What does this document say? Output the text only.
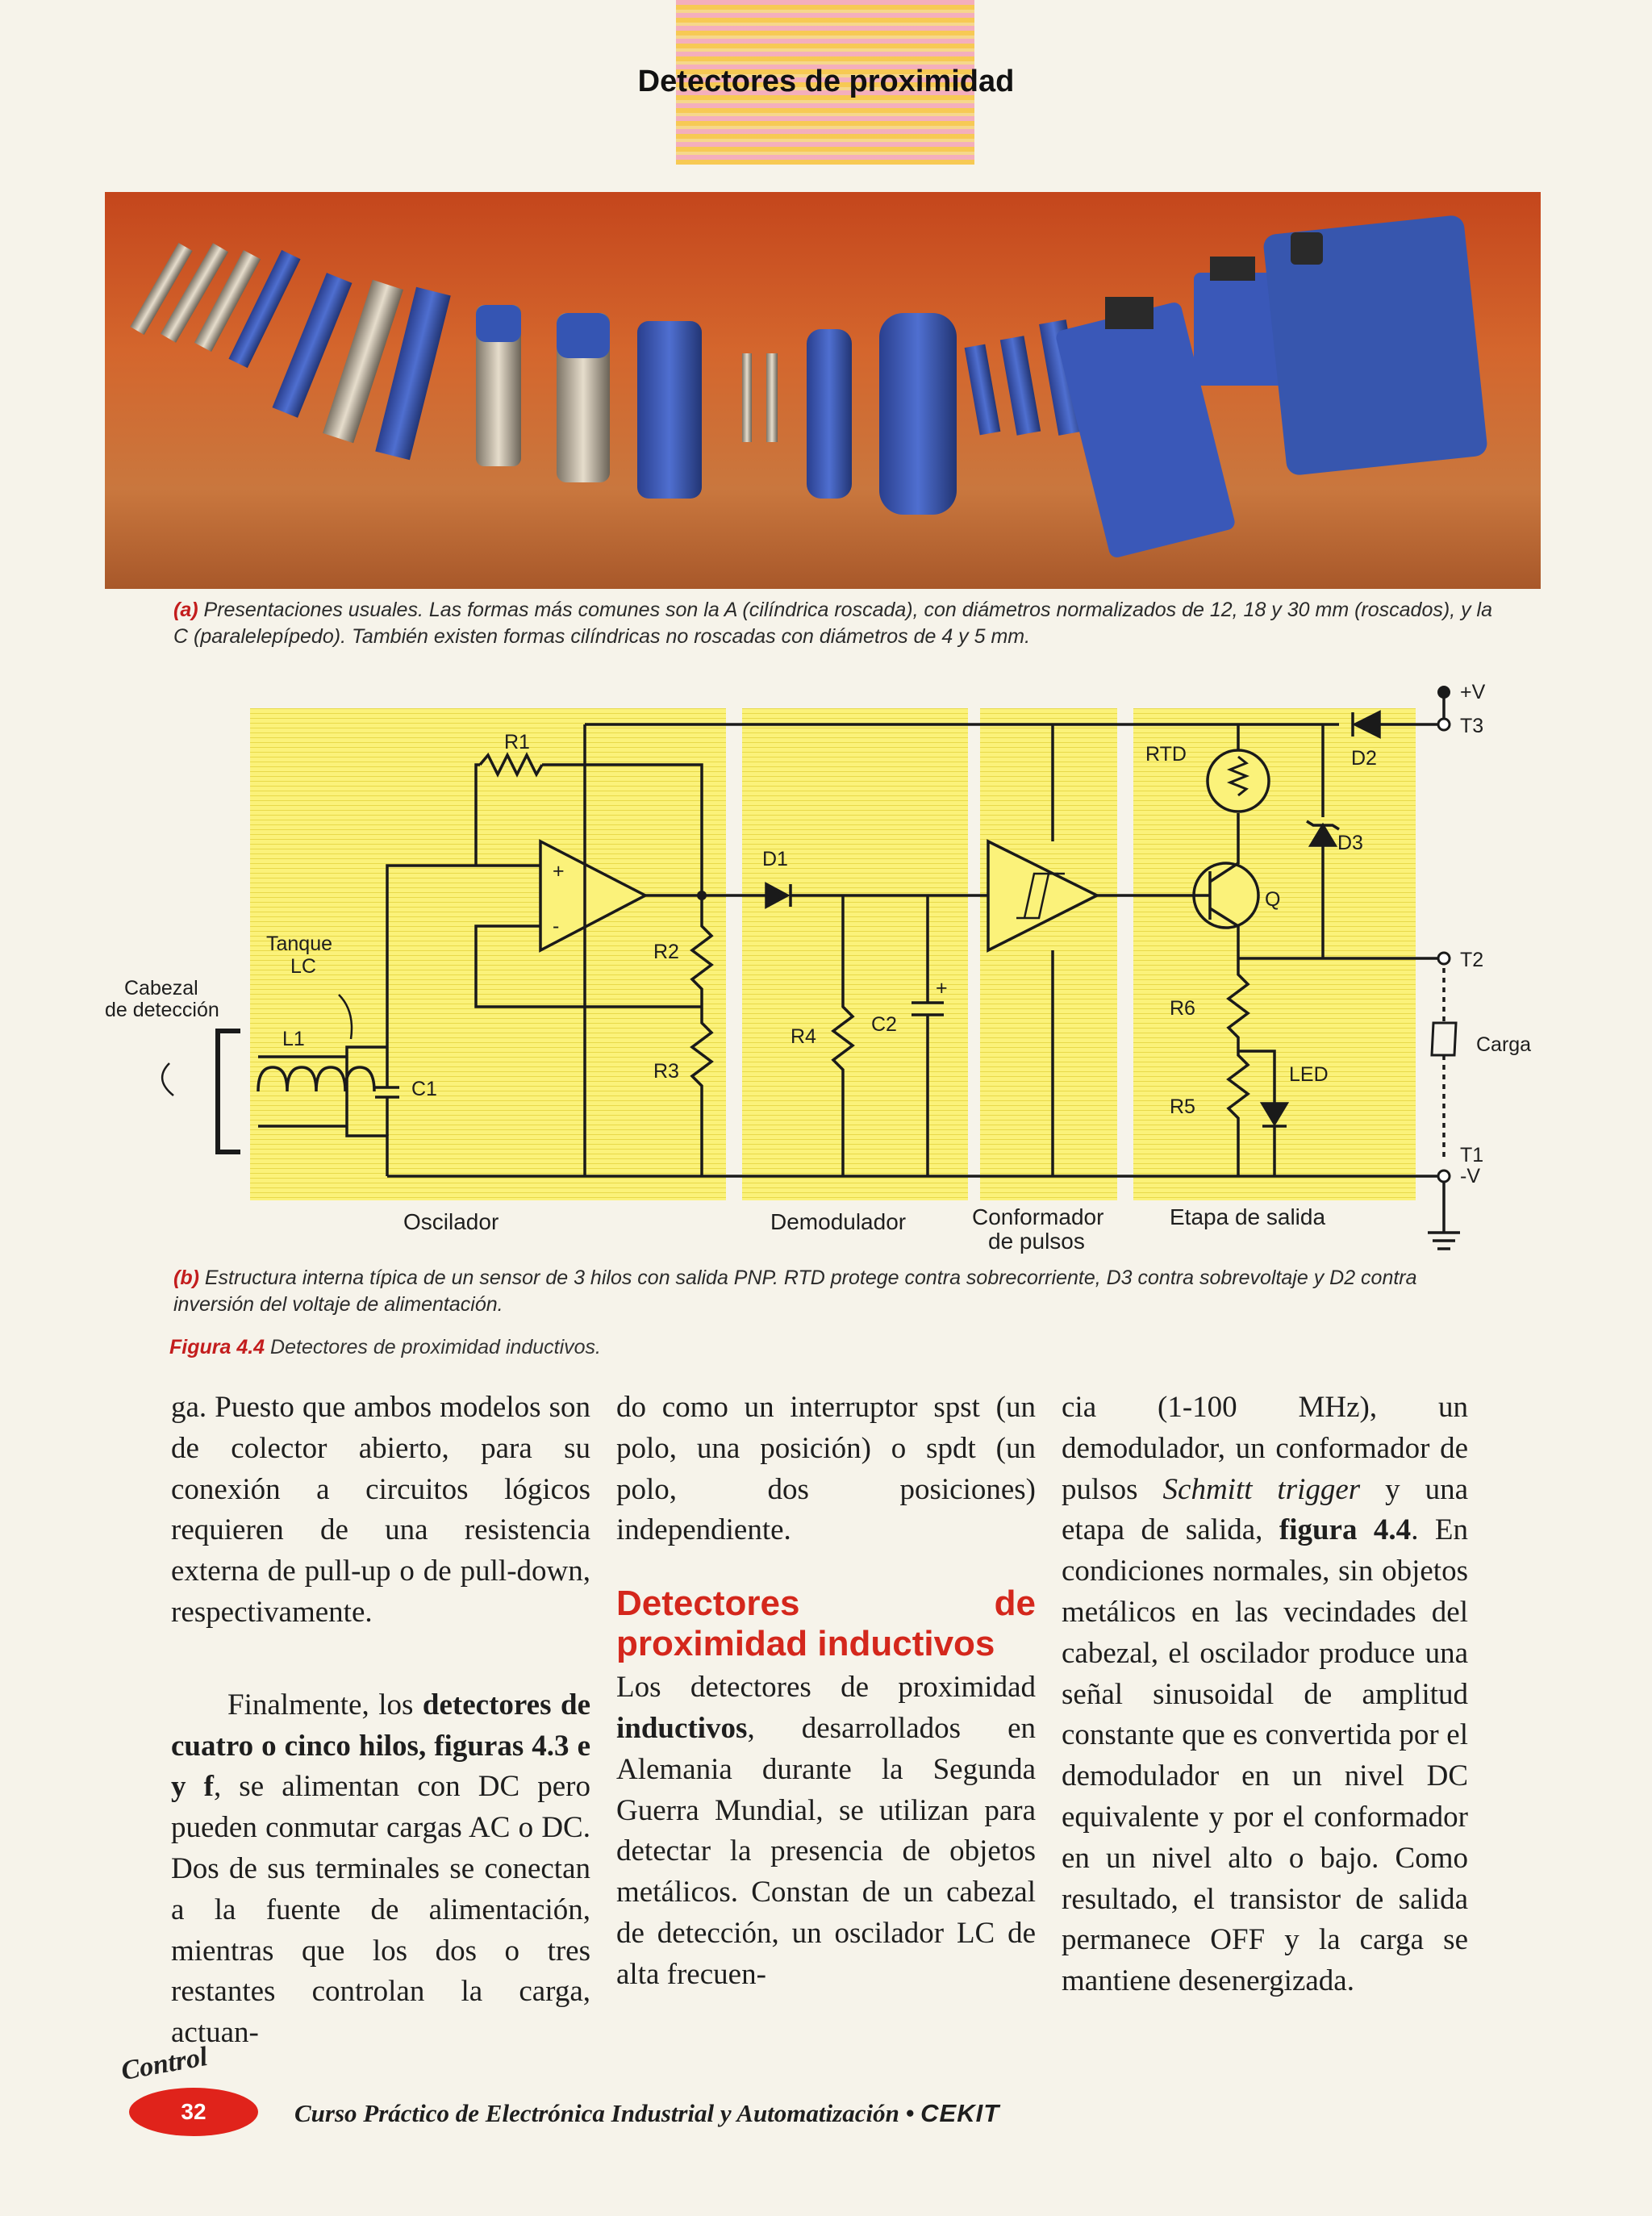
Detectores de proximidad
(a) Presentaciones usuales. Las formas más comunes son la A (cilíndrica roscada), con diámetros normalizados de 12, 18 y 30 mm (roscados), y la C (paralelepípedo). También existen formas cilíndricas no roscadas con diámetros de 4 y 5 mm.
R1
+
-
R2
R3
C1
L1
Tanque
LC
Cabezal
de detección
D1
R4
C2
+
RTD
Q
R6
R5
LED
D2
D3
+V
T3
T2
Carga
T1
-V
Oscilador	Demodulador	Conformador
de pulsos
Etapa de salida
(b) Estructura interna típica de un sensor de 3 hilos con salida PNP. RTD protege contra sobrecorriente, D3 contra sobrevoltaje y D2 contra inversión del voltaje de alimentación.
Figura 4.4 Detectores de proximidad inductivos.

ga. Puesto que ambos modelos son de colector abierto, para su conexión a circuitos lógicos requieren de una resistencia externa de pull-up o de pull-down, respectivamente.

Finalmente, los detectores de cuatro o cinco hilos, figuras 4.3 e y f, se alimentan con DC pero pueden conmutar cargas AC o DC. Dos de sus terminales se conectan a la fuente de alimentación, mientras que los dos o tres restantes controlan la carga, actuan-

do como un interruptor spst (un polo, una posición) o spdt (un polo, dos posiciones) independiente.

Detectores de proximidad inductivos

Los detectores de proximidad inductivos, desarrollados en Alemania durante la Segunda Guerra Mundial, se utilizan para detectar la presencia de objetos metálicos. Constan de un cabezal de detección, un oscilador LC de alta frecuen-

cia (1-100 MHz), un demodulador, un conformador de pulsos Schmitt trigger y una etapa de salida, figura 4.4. En condiciones normales, sin objetos metálicos en las vecindades del cabezal, el oscilador produce una señal sinusoidal de amplitud constante que es convertida por el demodulador en un nivel DC equivalente y por el conformador en un nivel alto o bajo. Como resultado, el transistor de salida permanece OFF y la carga se mantiene desenergizada.

Control
32	Curso Práctico de Electrónica Industrial y Automatización • CEKIT
